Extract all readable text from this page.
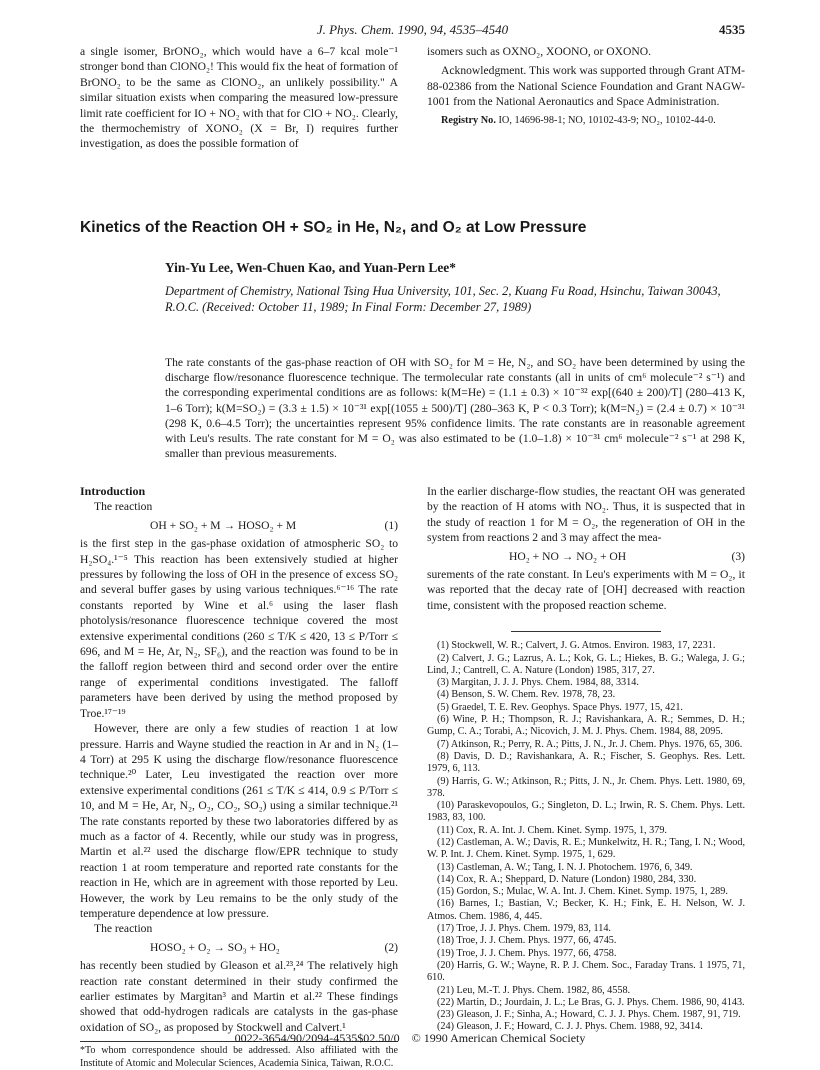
J. Phys. Chem. 1990, 94, 4535–4540	4535

a single isomer, BrONO₂, which would have a 6–7 kcal mole⁻¹ stronger bond than ClONO₂! This would fix the heat of formation of BrONO₂ to be the same as ClONO₂, an unlikely possibility." A similar situation exists when comparing the measured low-pressure limit rate coefficient for IO + NO₂ with that for ClO + NO₂. Clearly, the thermochemistry of XONO₂ (X = Br, I) requires further investigation, as does the possible formation of

isomers such as OXNO₂, XOONO, or OXONO.

Acknowledgment. This work was supported through Grant ATM-88-02386 from the National Science Foundation and Grant NAGW-1001 from the National Aeronautics and Space Administration.

Registry No. IO, 14696-98-1; NO, 10102-43-9; NO₂, 10102-44-0.

Kinetics of the Reaction OH + SO₂ in He, N₂, and O₂ at Low Pressure

Yin-Yu Lee, Wen-Chuen Kao, and Yuan-Pern Lee*

Department of Chemistry, National Tsing Hua University, 101, Sec. 2, Kuang Fu Road, Hsinchu, Taiwan 30043, R.O.C. (Received: October 11, 1989; In Final Form: December 27, 1989)

The rate constants of the gas-phase reaction of OH with SO₂ for M = He, N₂, and SO₂ have been determined by using the discharge flow/resonance fluorescence technique. The termolecular rate constants (all in units of cm⁶ molecule⁻² s⁻¹) and the corresponding experimental conditions are as follows: k(M=He) = (1.1 ± 0.3) × 10⁻³² exp[(640 ± 200)/T] (280–413 K, 1–6 Torr); k(M=SO₂) = (3.3 ± 1.5) × 10⁻³¹ exp[(1055 ± 500)/T] (280–363 K, P < 0.3 Torr); k(M=N₂) = (2.4 ± 0.7) × 10⁻³¹ (298 K, 0.6–4.5 Torr); the uncertainties represent 95% confidence limits. The rate constants are in reasonable agreement with Leu's results. The rate constant for M = O₂ was also estimated to be (1.0–1.8) × 10⁻³¹ cm⁶ molecule⁻² s⁻¹ at 298 K, smaller than previous measurements.

Introduction

The reaction

OH + SO₂ + M → HOSO₂ + M	(1)

is the first step in the gas-phase oxidation of atmospheric SO₂ to H₂SO₄.¹⁻⁵ This reaction has been extensively studied at higher pressures by following the loss of OH in the presence of excess SO₂ and several buffer gases by using various techniques.⁶⁻¹⁶ The rate constants reported by Wine et al.⁶ using the laser flash photolysis/resonance fluorescence technique covered the most extensive experimental conditions (260 ≤ T/K ≤ 420, 13 ≤ P/Torr ≤ 696, and M = He, Ar, N₂, SF₆), and the reaction was found to be in the falloff region between third and second order over the entire range of experimental conditions investigated. The falloff parameters have been derived by using the method proposed by Troe.¹⁷⁻¹⁹

However, there are only a few studies of reaction 1 at low pressure. Harris and Wayne studied the reaction in Ar and in N₂ (1–4 Torr) at 295 K using the discharge flow/resonance fluorescence technique.²⁰ Later, Leu investigated the reaction over more extensive experimental conditions (261 ≤ T/K ≤ 414, 0.9 ≤ P/Torr ≤ 10, and M = He, Ar, N₂, O₂, CO₂, SO₂) using a similar technique.²¹ The rate constants reported by these two laboratories differed by as much as a factor of 4. Recently, while our study was in progress, Martin et al.²² used the discharge flow/EPR technique to study reaction 1 at room temperature and reported rate constants for the reaction in He, which are in agreement with those reported by Leu. However, the work by Leu remains to be the only study of the temperature dependence at low pressure.

The reaction

HOSO₂ + O₂ → SO₃ + HO₂	(2)

has recently been studied by Gleason et al.²³,²⁴ The relatively high reaction rate constant determined in their study confirmed the earlier estimates by Margitan³ and Martin et al.²² These findings showed that odd-hydrogen radicals are catalysts in the gas-phase oxidation of SO₂, as proposed by Stockwell and Calvert.¹

*To whom correspondence should be addressed. Also affiliated with the Institute of Atomic and Molecular Sciences, Academia Sinica, Taiwan, R.O.C.

In the earlier discharge-flow studies, the reactant OH was generated by the reaction of H atoms with NO₂. Thus, it is suspected that in the study of reaction 1 for M = O₂, the regeneration of OH in the system from reactions 2 and 3 may affect the mea-

HO₂ + NO → NO₂ + OH	(3)

surements of the rate constant. In Leu's experiments with M = O₂, it was reported that the decay rate of [OH] decreased with reaction time, consistent with the proposed reaction scheme.

(1) Stockwell, W. R.; Calvert, J. G. Atmos. Environ. 1983, 17, 2231.

(2) Calvert, J. G.; Lazrus, A. L.; Kok, G. L.; Hiekes, B. G.; Walega, J. G.; Lind, J.; Cantrell, C. A. Nature (London) 1985, 317, 27.

(3) Margitan, J. J. J. Phys. Chem. 1984, 88, 3314.

(4) Benson, S. W. Chem. Rev. 1978, 78, 23.

(5) Graedel, T. E. Rev. Geophys. Space Phys. 1977, 15, 421.

(6) Wine, P. H.; Thompson, R. J.; Ravishankara, A. R.; Semmes, D. H.; Gump, C. A.; Torabi, A.; Nicovich, J. M. J. Phys. Chem. 1984, 88, 2095.

(7) Atkinson, R.; Perry, R. A.; Pitts, J. N., Jr. J. Chem. Phys. 1976, 65, 306.

(8) Davis, D. D.; Ravishankara, A. R.; Fischer, S. Geophys. Res. Lett. 1979, 6, 113.

(9) Harris, G. W.; Atkinson, R.; Pitts, J. N., Jr. Chem. Phys. Lett. 1980, 69, 378.

(10) Paraskevopoulos, G.; Singleton, D. L.; Irwin, R. S. Chem. Phys. Lett. 1983, 83, 100.

(11) Cox, R. A. Int. J. Chem. Kinet. Symp. 1975, 1, 379.

(12) Castleman, A. W.; Davis, R. E.; Munkelwitz, H. R.; Tang, I. N.; Wood, W. P. Int. J. Chem. Kinet. Symp. 1975, 1, 629.

(13) Castleman, A. W.; Tang, I. N. J. Photochem. 1976, 6, 349.

(14) Cox, R. A.; Sheppard, D. Nature (London) 1980, 284, 330.

(15) Gordon, S.; Mulac, W. A. Int. J. Chem. Kinet. Symp. 1975, 1, 289.

(16) Barnes, I.; Bastian, V.; Becker, K. H.; Fink, E. H. Nelson, W. J. Atmos. Chem. 1986, 4, 445.

(17) Troe, J. J. Phys. Chem. 1979, 83, 114.

(18) Troe, J. J. Chem. Phys. 1977, 66, 4745.

(19) Troe, J. J. Chem. Phys. 1977, 66, 4758.

(20) Harris, G. W.; Wayne, R. P. J. Chem. Soc., Faraday Trans. 1 1975, 71, 610.

(21) Leu, M.-T. J. Phys. Chem. 1982, 86, 4558.

(22) Martin, D.; Jourdain, J. L.; Le Bras, G. J. Phys. Chem. 1986, 90, 4143.

(23) Gleason, J. F.; Sinha, A.; Howard, C. J. J. Phys. Chem. 1987, 91, 719.

(24) Gleason, J. F.; Howard, C. J. J. Phys. Chem. 1988, 92, 3414.

0022-3654/90/2094-4535$02.50/0 © 1990 American Chemical Society
